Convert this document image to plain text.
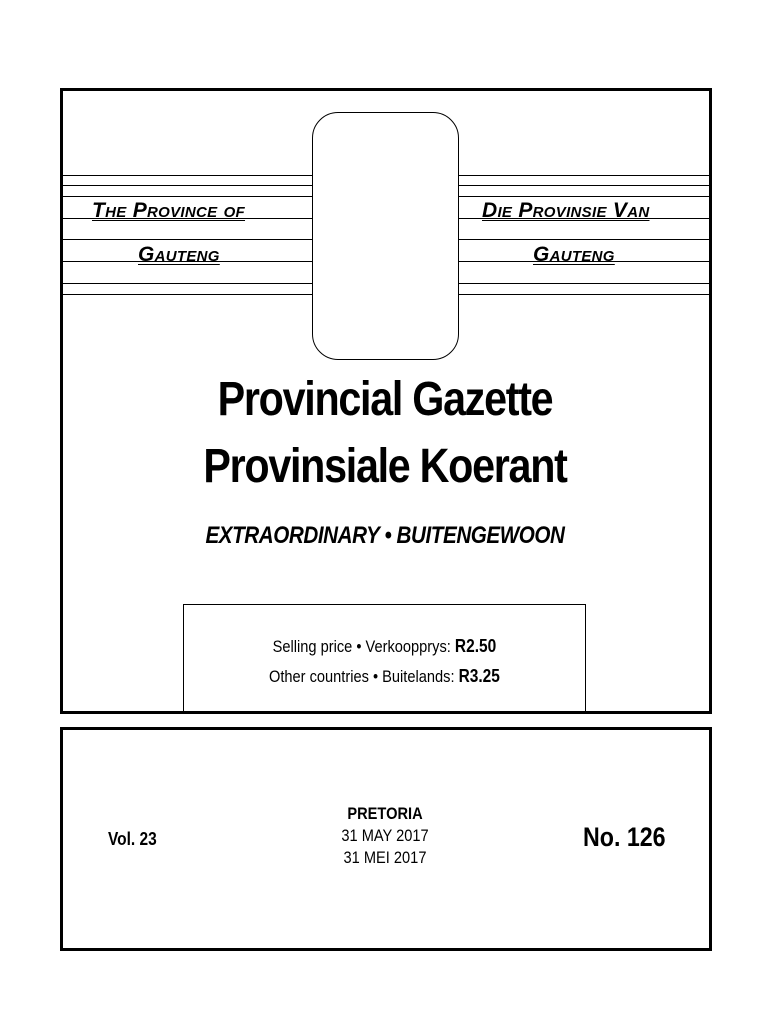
The Province of
Gauteng
Die Provinsie Van
Gauteng
Provincial Gazette
Provinsiale Koerant
EXTRAORDINARY • BUITENGEWOON
Selling price • Verkoopprys: R2.50
Other countries • Buitelands: R3.25
Vol. 23
PRETORIA
31 MAY 2017
31 MEI 2017
No. 126
